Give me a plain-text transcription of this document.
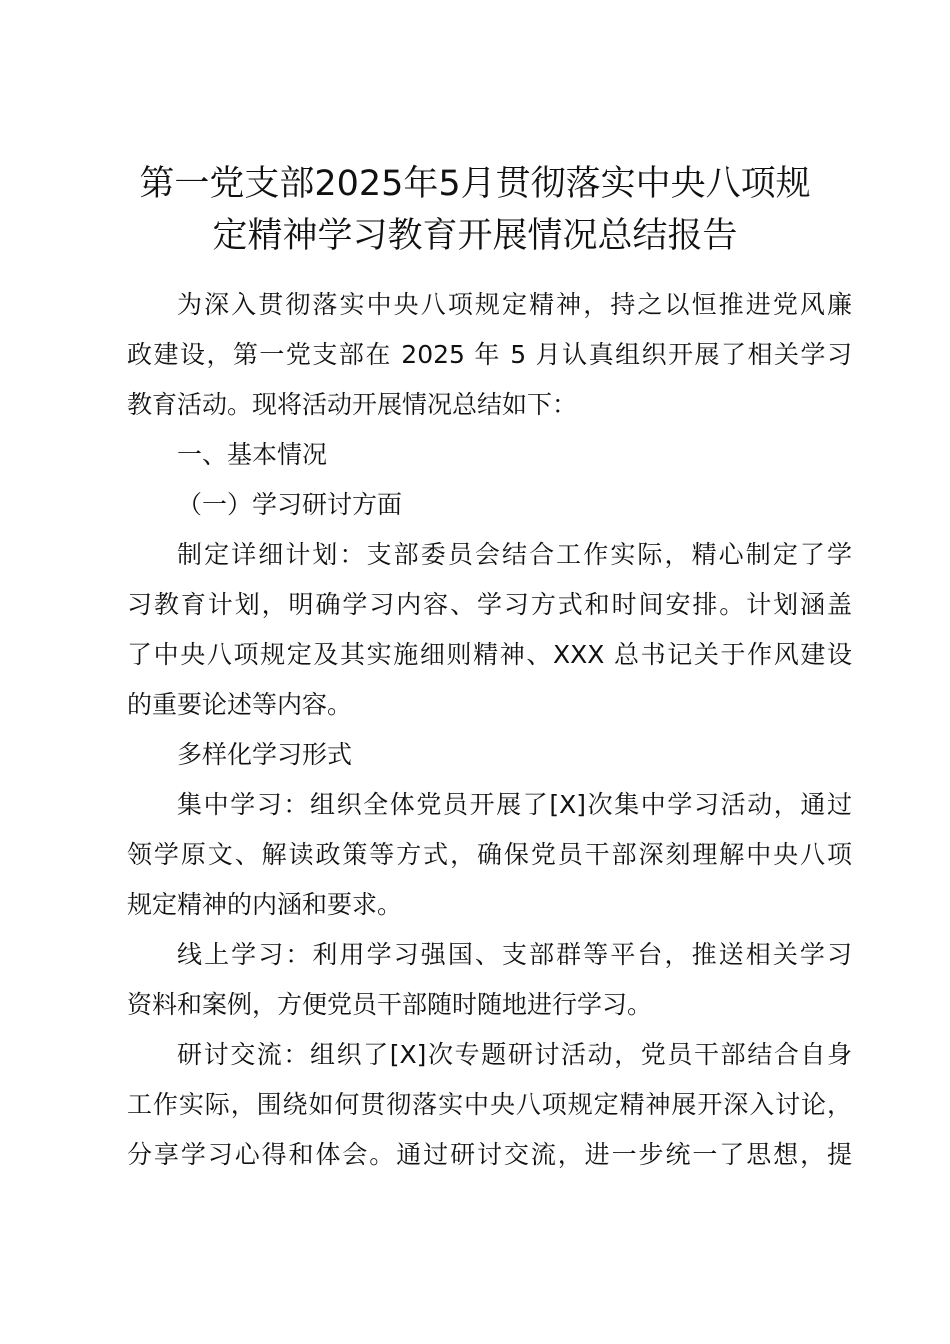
第一党支部2025年5月贯彻落实中央八项规
定精神学习教育开展情况总结报告
为深入贯彻落实中央八项规定精神，持之以恒推进党风廉
政建设，第一党支部在 2025 年 5 月认真组织开展了相关学习
教育活动。现将活动开展情况总结如下：
一、基本情况
（一）学习研讨方面
制定详细计划：支部委员会结合工作实际，精心制定了学
习教育计划，明确学习内容、学习方式和时间安排。计划涵盖
了中央八项规定及其实施细则精神、XXX 总书记关于作风建设
的重要论述等内容。
多样化学习形式
集中学习：组织全体党员开展了[X]次集中学习活动，通过
领学原文、解读政策等方式，确保党员干部深刻理解中央八项
规定精神的内涵和要求。
线上学习：利用学习强国、支部群等平台，推送相关学习
资料和案例，方便党员干部随时随地进行学习。
研讨交流：组织了[X]次专题研讨活动，党员干部结合自身
工作实际，围绕如何贯彻落实中央八项规定精神展开深入讨论，
分享学习心得和体会。通过研讨交流，进一步统一了思想，提
